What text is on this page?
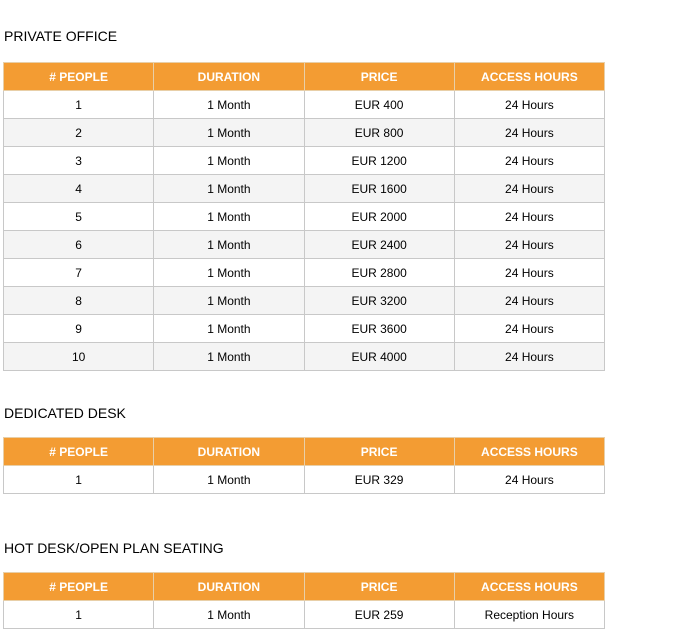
PRIVATE OFFICE
# PEOPLE	DURATION	PRICE	ACCESS HOURS
1	1 Month	EUR 400	24 Hours
2	1 Month	EUR 800	24 Hours
3	1 Month	EUR 1200	24 Hours
4	1 Month	EUR 1600	24 Hours
5	1 Month	EUR 2000	24 Hours
6	1 Month	EUR 2400	24 Hours
7	1 Month	EUR 2800	24 Hours
8	1 Month	EUR 3200	24 Hours
9	1 Month	EUR 3600	24 Hours
10	1 Month	EUR 4000	24 Hours
DEDICATED DESK
# PEOPLE	DURATION	PRICE	ACCESS HOURS
1	1 Month	EUR 329	24 Hours
HOT DESK/OPEN PLAN SEATING
# PEOPLE	DURATION	PRICE	ACCESS HOURS
1	1 Month	EUR 259	Reception Hours
